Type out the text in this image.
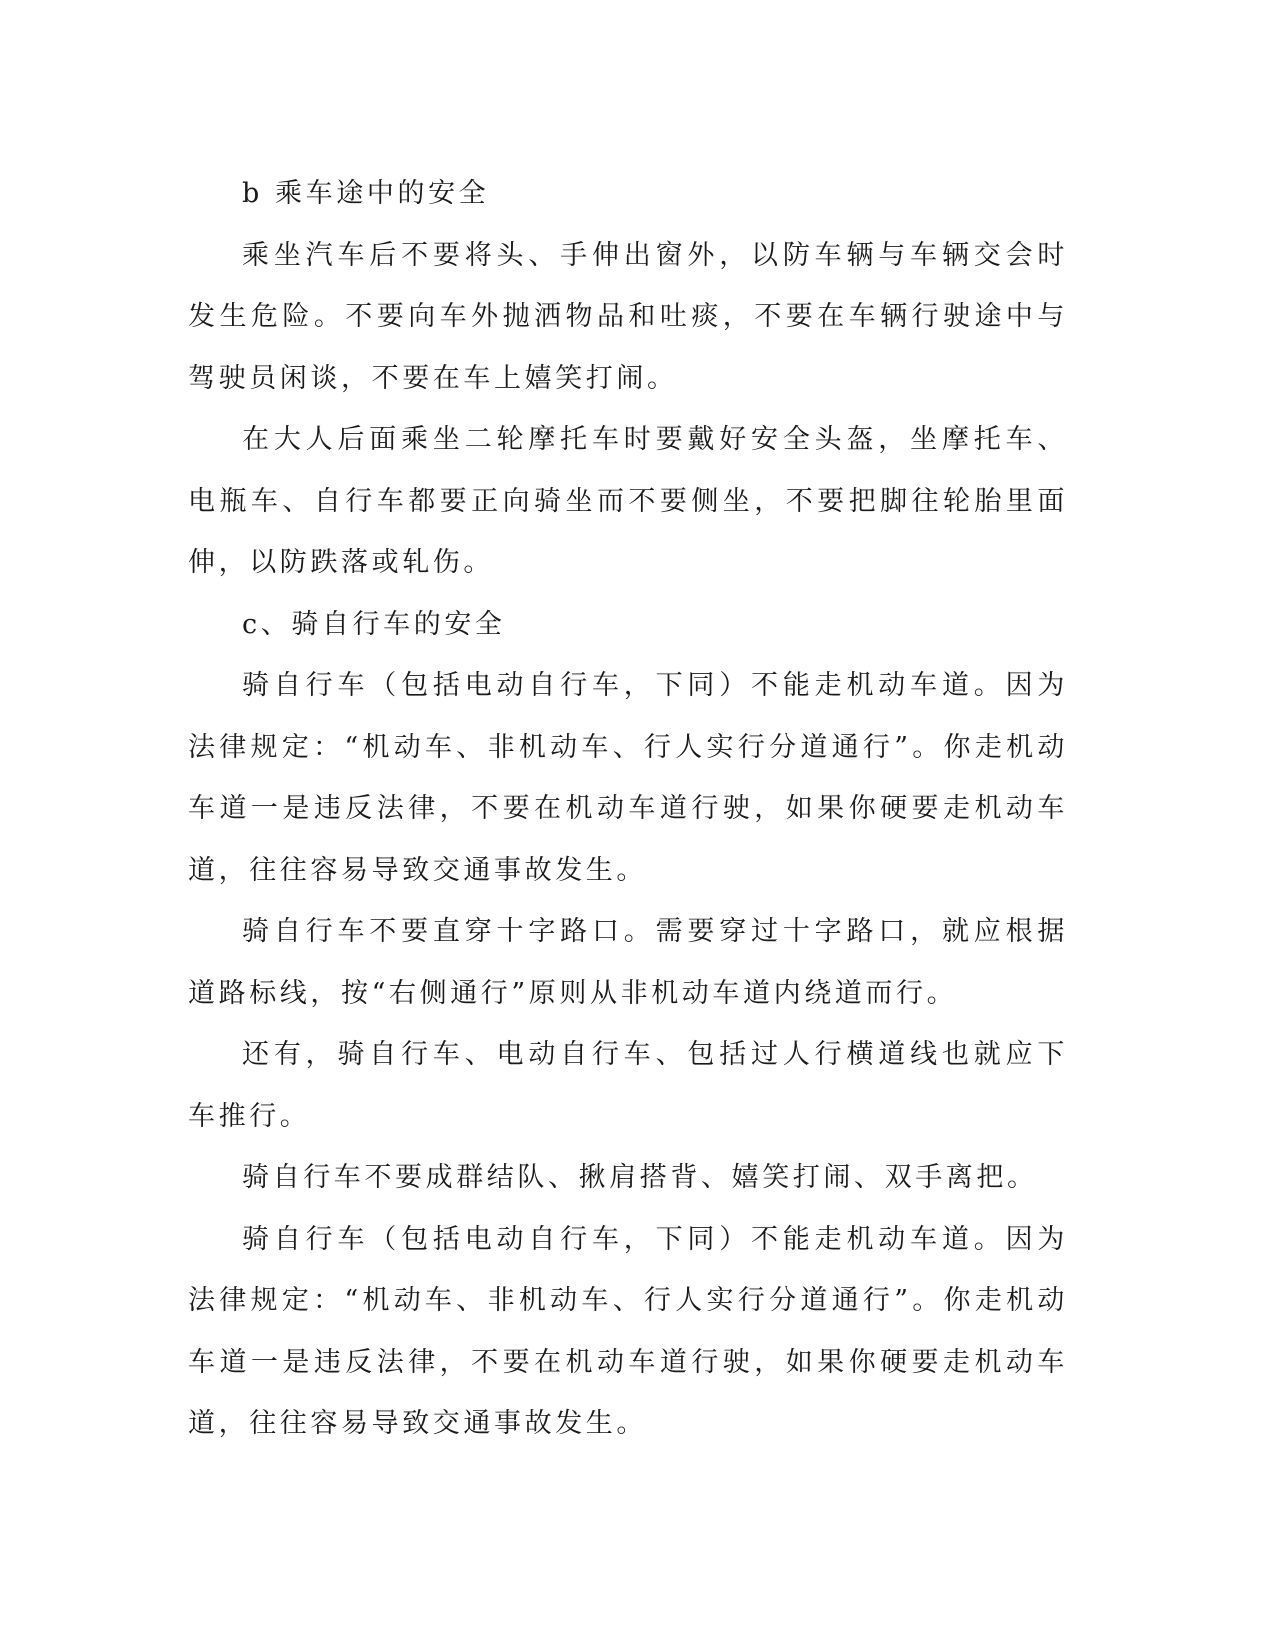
b 乘车途中的安全

乘坐汽车后不要将头、手伸出窗外，以防车辆与车辆交会时发生危险。不要向车外抛洒物品和吐痰，不要在车辆行驶途中与驾驶员闲谈，不要在车上嬉笑打闹。

在大人后面乘坐二轮摩托车时要戴好安全头盔，坐摩托车、电瓶车、自行车都要正向骑坐而不要侧坐，不要把脚往轮胎里面伸，以防跌落或轧伤。

c、骑自行车的安全

骑自行车（包括电动自行车，下同）不能走机动车道。因为法律规定：“机动车、非机动车、行人实行分道通行”。你走机动车道一是违反法律，不要在机动车道行驶，如果你硬要走机动车道，往往容易导致交通事故发生。

骑自行车不要直穿十字路口。需要穿过十字路口，就应根据道路标线，按“右侧通行”原则从非机动车道内绕道而行。

还有，骑自行车、电动自行车、包括过人行横道线也就应下车推行。

骑自行车不要成群结队、揪肩搭背、嬉笑打闹、双手离把。

骑自行车（包括电动自行车，下同）不能走机动车道。因为法律规定：“机动车、非机动车、行人实行分道通行”。你走机动车道一是违反法律，不要在机动车道行驶，如果你硬要走机动车道，往往容易导致交通事故发生。
